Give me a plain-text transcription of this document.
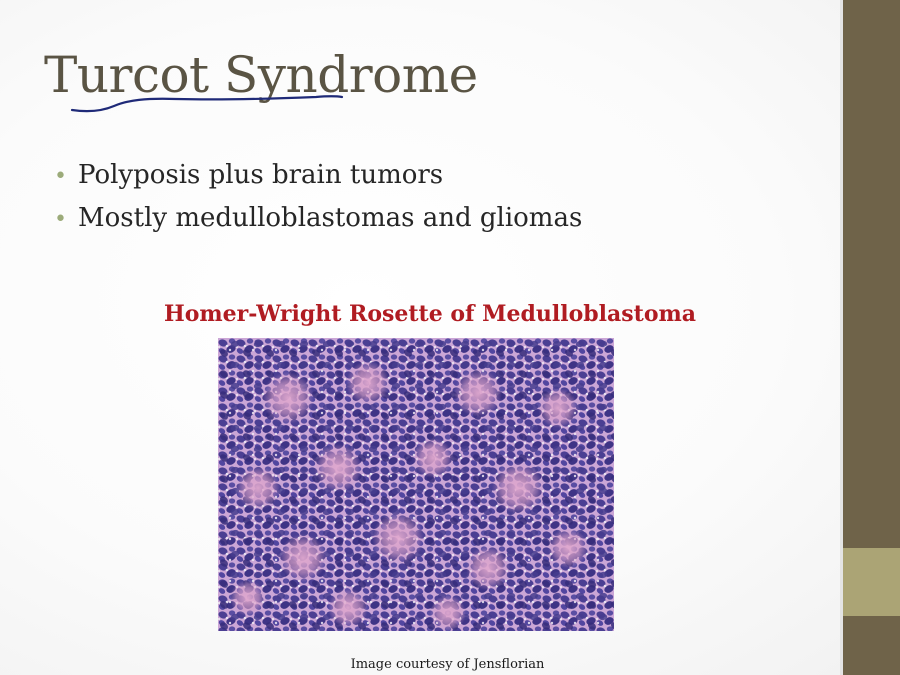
Turcot Syndrome
• Polyposis plus brain tumors
• Mostly medulloblastomas and gliomas
Homer-Wright Rosette of Medulloblastoma
Image courtesy of Jensflorian
